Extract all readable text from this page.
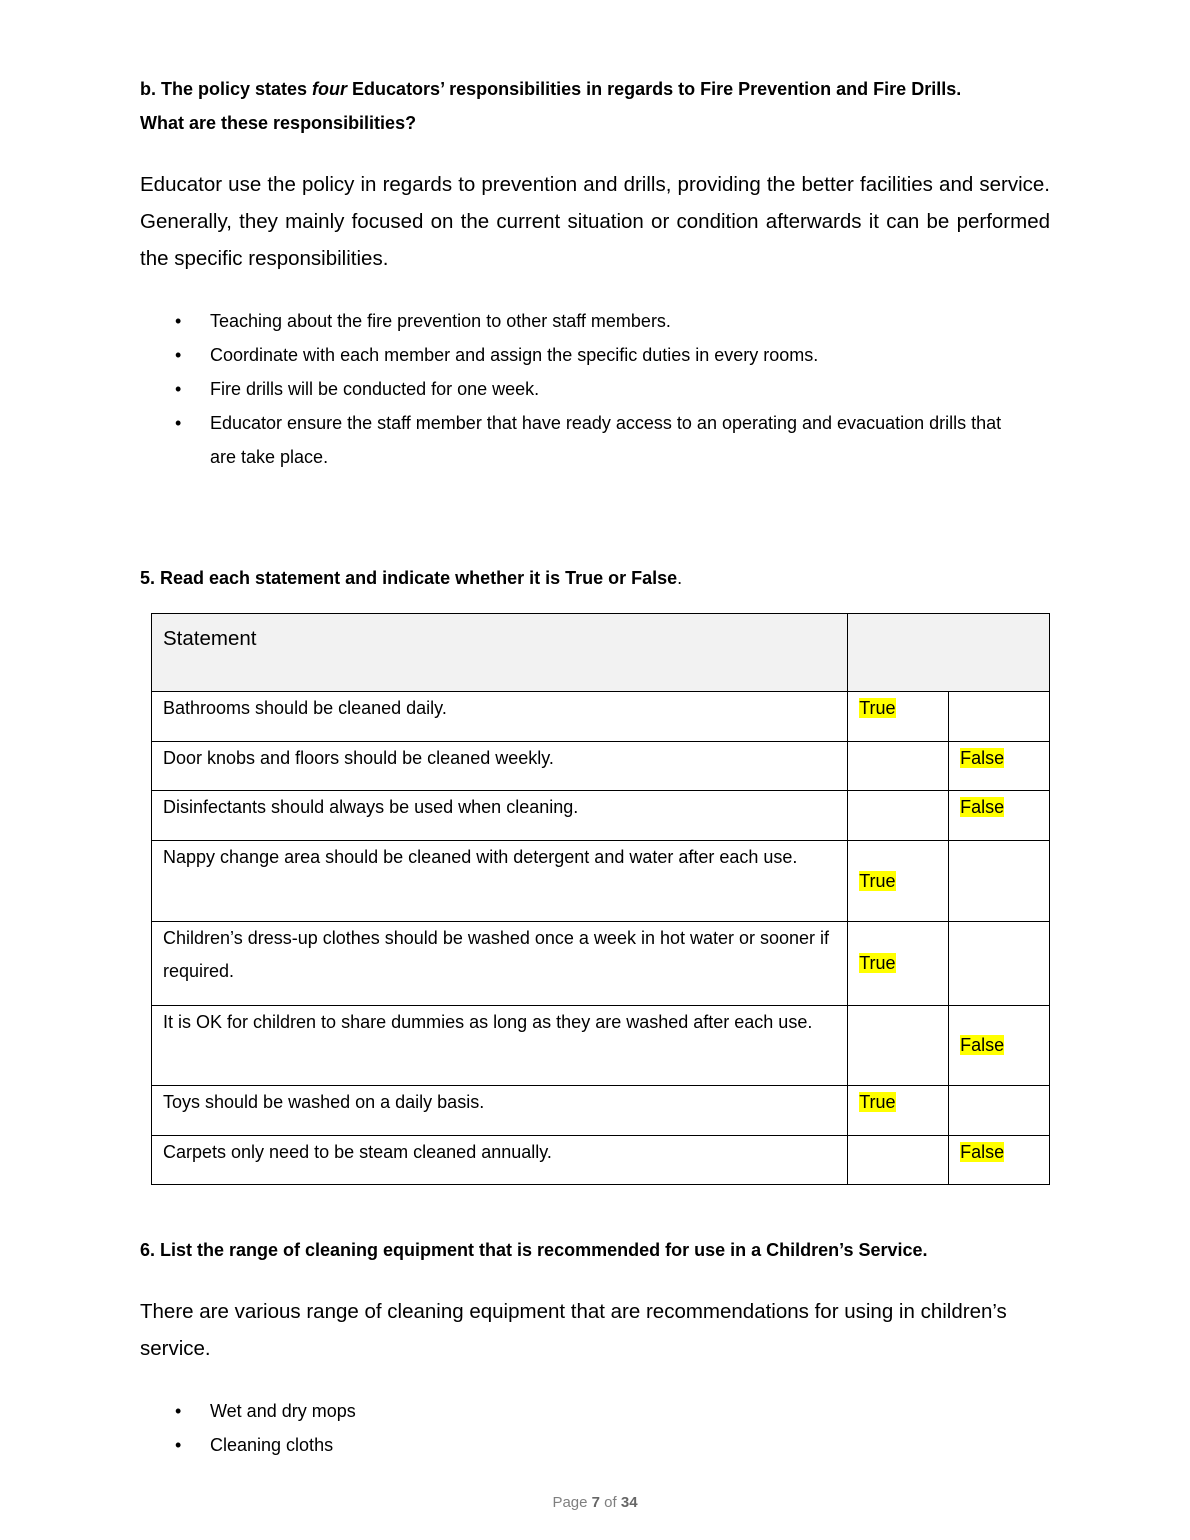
b. The policy states four Educators’ responsibilities in regards to Fire Prevention and Fire Drills.
What are these responsibilities?
Educator use the policy in regards to prevention and drills, providing the better facilities and service. Generally, they mainly focused on the current situation or condition afterwards it can be performed the specific responsibilities.
• Teaching about the fire prevention to other staff members.
• Coordinate with each member and assign the specific duties in every rooms.
• Fire drills will be conducted for one week.
• Educator ensure the staff member that have ready access to an operating and evacuation drills that are take place.
5. Read each statement and indicate whether it is True or False.
Statement		
Bathrooms should be cleaned daily.	True	
Door knobs and floors should be cleaned weekly.		False
Disinfectants should always be used when cleaning.		False
Nappy change area should be cleaned with detergent and water after each use.	True	
Children’s dress-up clothes should be washed once a week in hot water or sooner if required.	True	
It is OK for children to share dummies as long as they are washed after each use.		False
Toys should be washed on a daily basis.	True	
Carpets only need to be steam cleaned annually.		False
6. List the range of cleaning equipment that is recommended for use in a Children’s Service.
There are various range of cleaning equipment that are recommendations for using in children’s service.
• Wet and dry mops
• Cleaning cloths
Page 7 of 34
